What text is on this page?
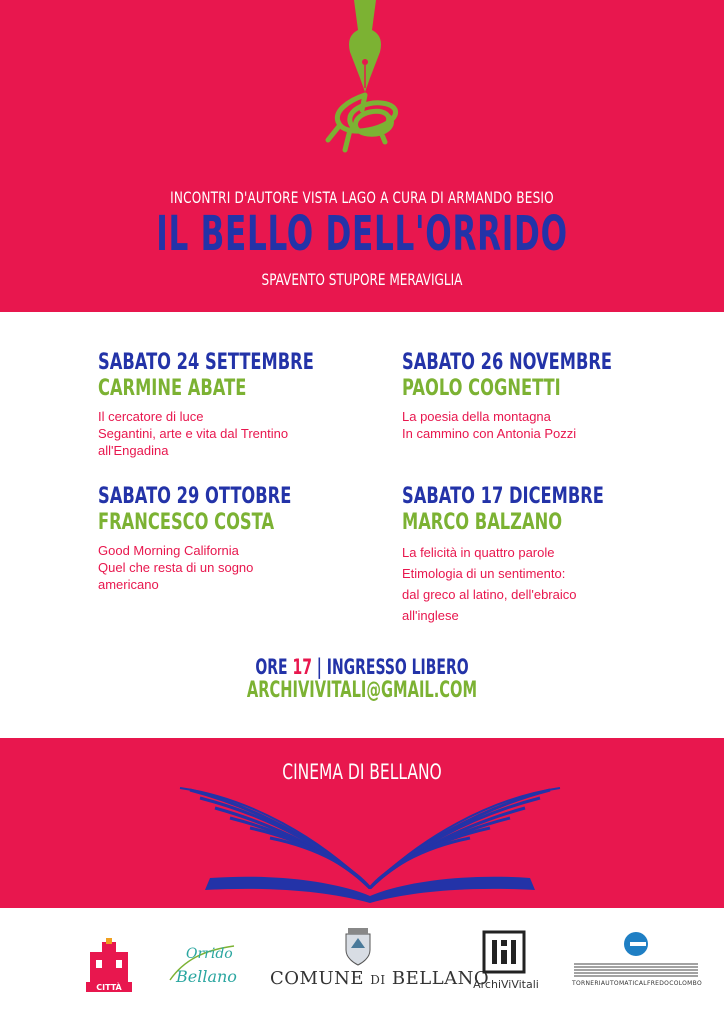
INCONTRI D'AUTORE VISTA LAGO A CURA DI ARMANDO BESIO
IL BELLO DELL'ORRIDO
SPAVENTO STUPORE MERAVIGLIA
SABATO 24 SETTEMBRE
CARMINE ABATE
Il cercatore di luce
Segantini, arte e vita dal Trentino
all'Engadina
SABATO 26 NOVEMBRE
PAOLO COGNETTI
La poesia della montagna
In cammino con Antonia Pozzi
SABATO 29 OTTOBRE
FRANCESCO COSTA
Good Morning California
Quel che resta di un sogno
americano
SABATO 17 DICEMBRE
MARCO BALZANO
La felicità in quattro parole
Etimologia di un sentimento:
dal greco al latino, dell'ebraico
all'inglese
ORE 17 | INGRESSO LIBERO
ARCHIVIVITALI@GMAIL.COM
CINEMA DI BELLANO
CITTÀ
Orrido
Bellano COMUNE DI BELLANO
ArchiViVitali	TORNERIAUTOMATICALFREDOCOLOMBO
